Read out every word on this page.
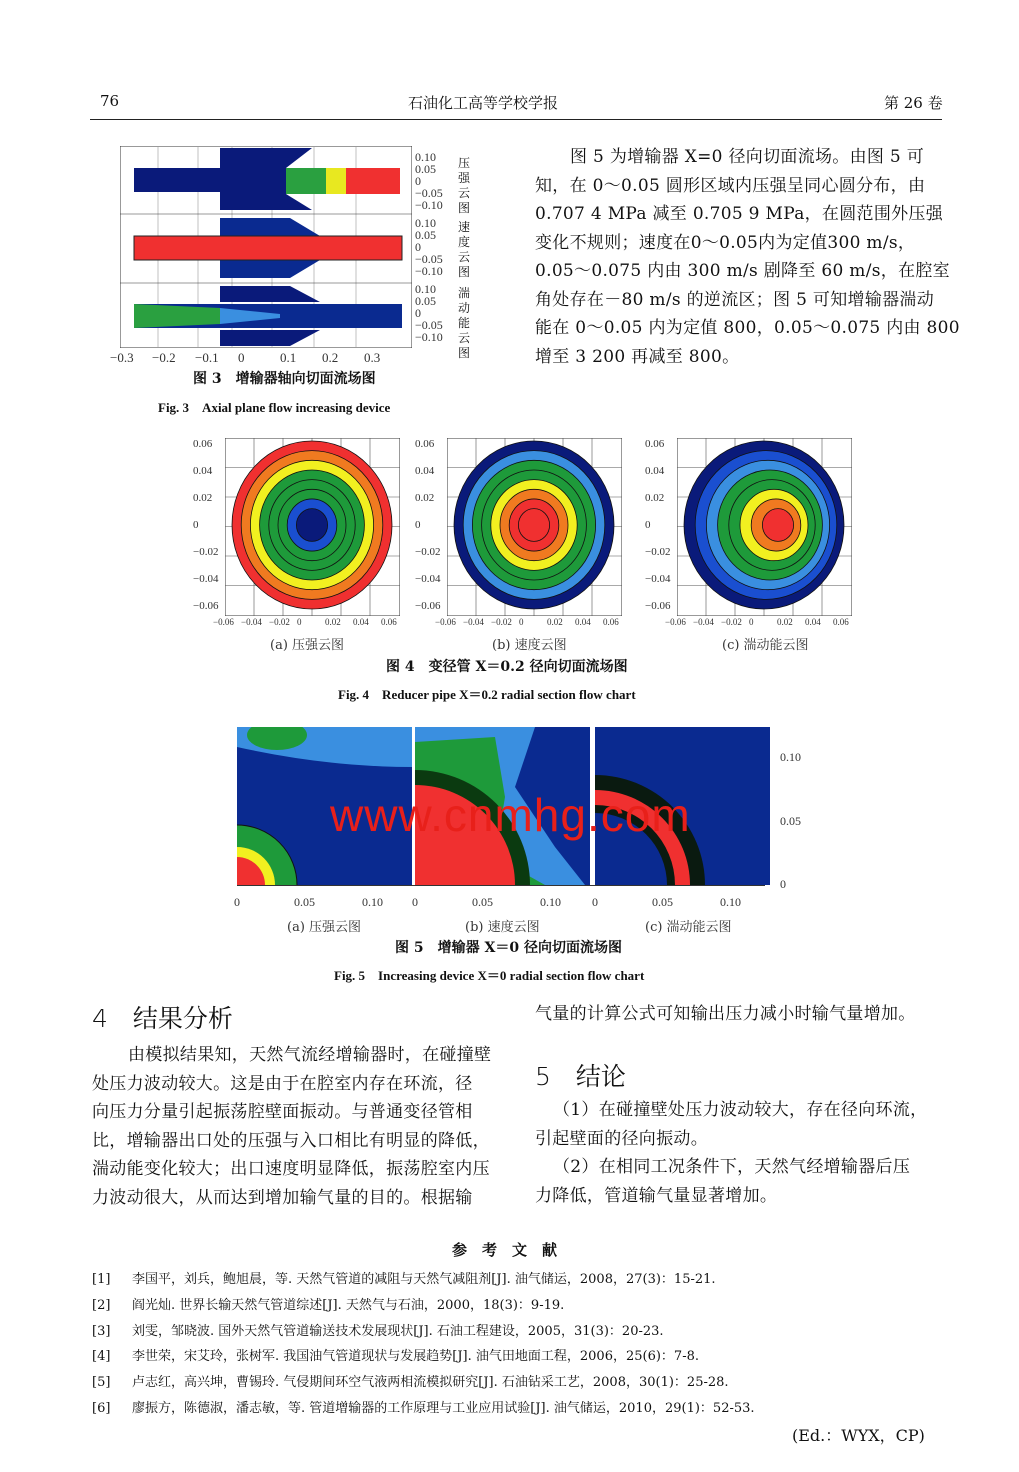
76	石油化工高等学校学报	第 26 卷
压强云图
速度云图
湍动能云图
图 3　增输器轴向切面流场图
Fig. 3　Axial plane flow increasing device
图 4　变径管 X＝0.2 径向切面流场图
Fig. 4　Reducer pipe X＝0.2 radial section flow chart
−0.3 −0.2 −0.1 0	0.1 0.2 0.3
0.10
0.05
0
−0.05
−0.10
0.10
0.05
0
−0.05
−0.10
0.10
0.05
0
−0.05
−0.10
图 5 为增输器 X=0 径向切面流场。由图 5 可
知，在 0～0.05 圆形区域内压强呈同心圆分布，由
0.707 4 MPa 减至 0.705 9 MPa，在圆范围外压强
变化不规则；速度在0～0.05内为定值300 m/s，
0.05～0.075 内由 300 m/s 剧降至 60 m/s，在腔室
角处存在－80 m/s 的逆流区；图 5 可知增输器湍动
能在 0～0.05 内为定值 800，0.05～0.075 内由 800
增至 3 200 再减至 800。
0.06
0.04
0.02
0
−0.02
−0.04
−0.06
−0.06 −0.04 −0.02 0	0.02 0.04 0.06
(a) 压强云图
0.06
0.04
0.02
0
−0.02
−0.04
−0.06
−0.06 −0.04 −0.02 0	0.02 0.04 0.06
(b) 速度云图
0.06
0.04
0.02
0
−0.02
−0.04
−0.06
−0.06 −0.04 −0.02 0	0.02 0.04 0.06
(c) 湍动能云图
0	0.05	0.10
(a) 压强云图
0	0.05	0.10
(b) 速度云图
0	0.05	0.10
(c) 湍动能云图
0.10
0.05
0
由模拟结果知，天然气流经增输器时，在碰撞壁
处压力波动较大。这是由于在腔室内存在环流，径
向压力分量引起振荡腔壁面振动。与普通变径管相
比，增输器出口处的压强与入口相比有明显的降低，
湍动能变化较大；出口速度明显降低，振荡腔室内压
力波动很大，从而达到增加输气量的目的。根据输
（1）在碰撞壁处压力波动较大，存在径向环流，
引起壁面的径向振动。
（2）在相同工况条件下，天然气经增输器后压
力降低，管道输气量显著增加。
www.cnmhg.com
图 5　增输器 X＝0 径向切面流场图
Fig. 5　Increasing device X＝0 radial section flow chart
4　结果分析	气量的计算公式可知输出压力减小时输气量增加。
5　结论
参　考　文　献
(Ed.：WYX，CP)
[1] 李国平，刘兵，鲍旭晨，等. 天然气管道的减阻与天然气减阻剂[J]. 油气储运，2008，27(3)：15-21.
[2] 阎光灿. 世界长输天然气管道综述[J]. 天然气与石油，2000，18(3)：9-19.
[3] 刘雯，邹晓波. 国外天然气管道输送技术发展现状[J]. 石油工程建设，2005，31(3)：20-23.
[4] 李世荣，宋艾玲，张树军. 我国油气管道现状与发展趋势[J]. 油气田地面工程，2006，25(6)：7-8.
[5] 卢志红，高兴坤，曹锡玲. 气侵期间环空气液两相流模拟研究[J]. 石油钻采工艺，2008，30(1)：25-28.
[6] 廖振方，陈德淑，潘志敏，等. 管道增输器的工作原理与工业应用试验[J]. 油气储运，2010，29(1)：52-53.
